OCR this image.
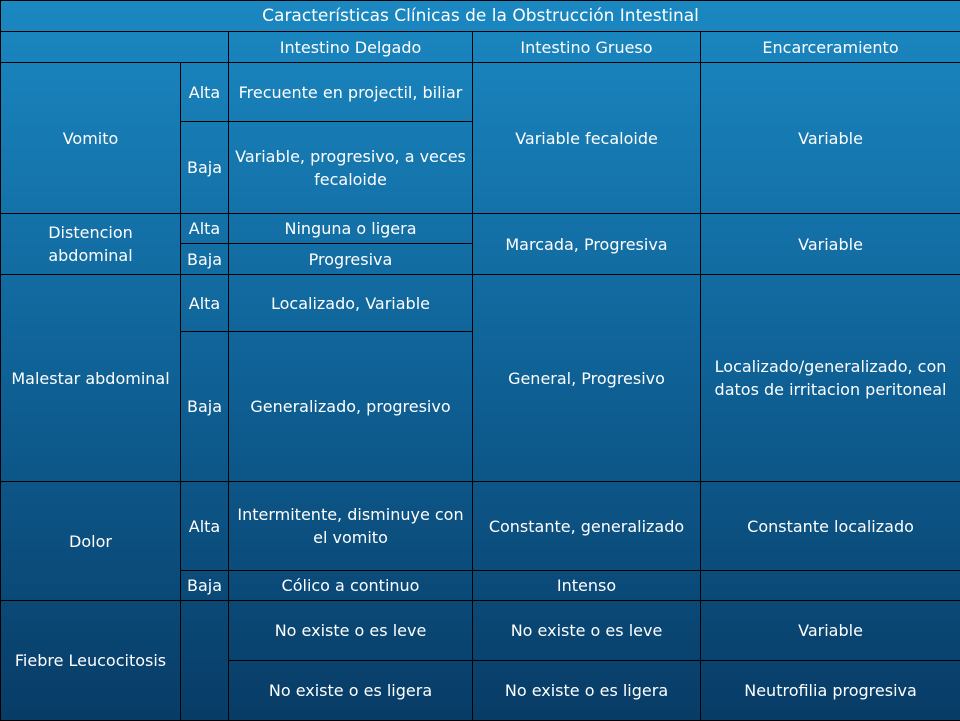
Características Clínicas de la Obstrucción Intestinal				
		Intestino Delgado	Intestino Grueso	Encarceramiento
Vomito	Alta	Frecuente en projectil, biliar	Variable fecaloide	Variable
	Baja	Variable, progresivo, a veces fecaloide		
Distencion abdominal	Alta	Ninguna o ligera	Marcada, Progresiva	Variable
	Baja	Progresiva		
Malestar abdominal	Alta	Localizado, Variable	General, Progresivo	Localizado/generalizado, con datos de irritacion peritoneal
	Baja	Generalizado, progresivo		
Dolor	Alta	Intermitente, disminuye con el vomito	Constante, generalizado	Constante localizado
	Baja	Cólico a continuo	Intenso	
Fiebre Leucocitosis		No existe o es leve	No existe o es leve	Variable
		No existe o es ligera	No existe o es ligera	Neutrofilia progresiva
